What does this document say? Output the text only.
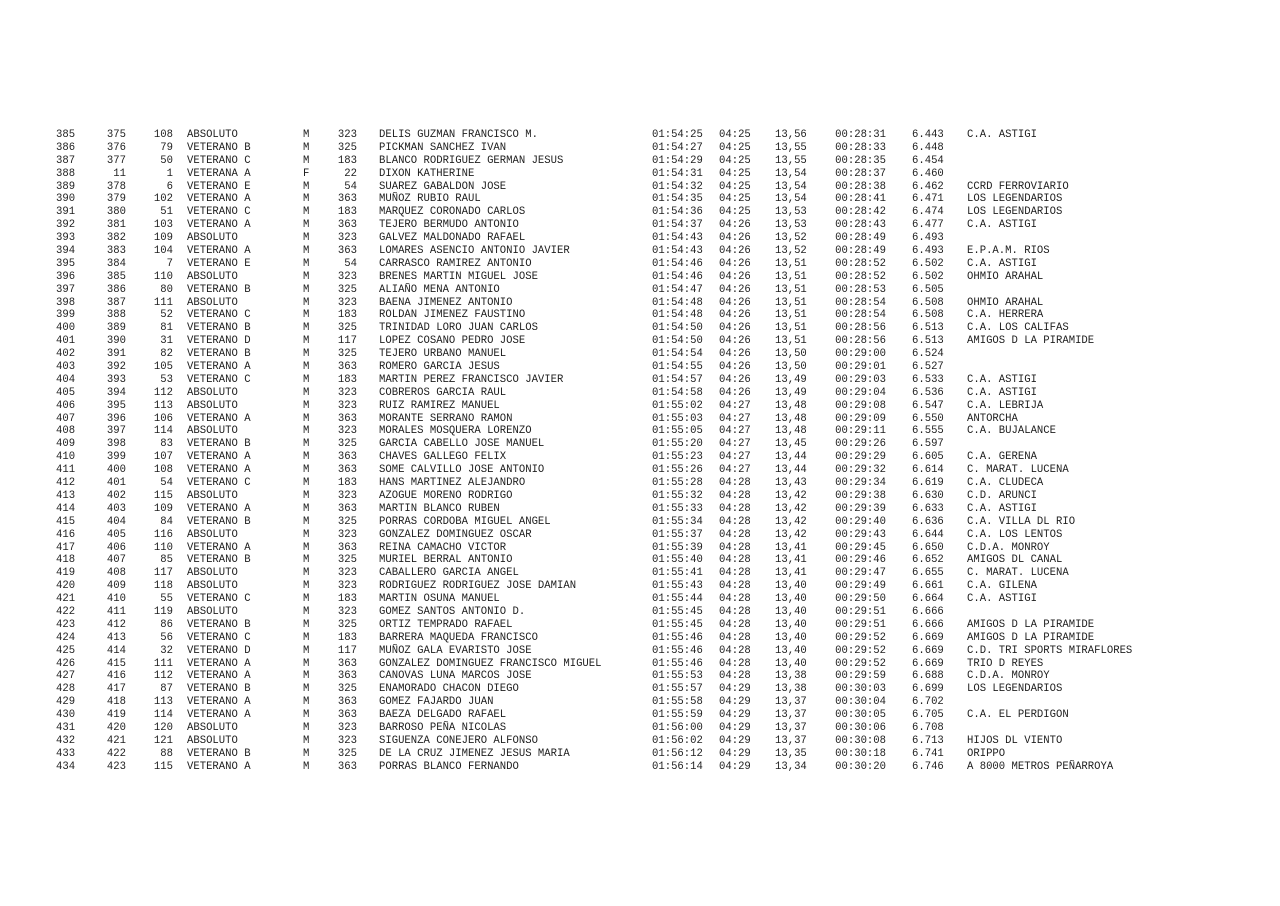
385	375	108 ABSOLUTO	M	323 DELIS GUZMAN FRANCISCO M.	01:54:25 04:25 13,56	00:28:31 6.443 C.A. ASTIGI
386	376	79 VETERANO B	M	325 PICKMAN SANCHEZ IVAN	01:54:27 04:25 13,55	00:28:33 6.448
387	377	50 VETERANO C	M	183 BLANCO RODRIGUEZ GERMAN JESUS	01:54:29 04:25 13,55	00:28:35 6.454
388	11	1 VETERANA A	F	22 DIXON KATHERINE	01:54:31 04:25 13,54	00:28:37 6.460
389	378	6 VETERANO E	M	54 SUAREZ GABALDON JOSE	01:54:32 04:25 13,54	00:28:38 6.462 CCRD FERROVIARIO
390	379	102 VETERANO A	M	363 MUÑOZ RUBIO RAUL	01:54:35 04:25 13,54	00:28:41 6.471 LOS LEGENDARIOS
391	380	51 VETERANO C	M	183 MARQUEZ CORONADO CARLOS	01:54:36 04:25 13,53	00:28:42 6.474 LOS LEGENDARIOS
392	381	103 VETERANO A	M	363 TEJERO BERMUDO ANTONIO	01:54:37 04:26 13,53	00:28:43 6.477 C.A. ASTIGI
393	382	109 ABSOLUTO	M	323 GALVEZ MALDONADO RAFAEL	01:54:43 04:26 13,52	00:28:49 6.493
394	383	104 VETERANO A	M	363 LOMARES ASENCIO ANTONIO JAVIER	01:54:43 04:26 13,52	00:28:49 6.493 E.P.A.M. RIOS
395	384	7 VETERANO E	M	54 CARRASCO RAMIREZ ANTONIO	01:54:46 04:26 13,51	00:28:52 6.502 C.A. ASTIGI
396	385	110 ABSOLUTO	M	323 BRENES MARTIN MIGUEL JOSE	01:54:46 04:26 13,51	00:28:52 6.502 OHMIO ARAHAL
397	386	80 VETERANO B	M	325 ALIAÑO MENA ANTONIO	01:54:47 04:26 13,51	00:28:53 6.505
398	387	111 ABSOLUTO	M	323 BAENA JIMENEZ ANTONIO	01:54:48 04:26 13,51	00:28:54 6.508 OHMIO ARAHAL
399	388	52 VETERANO C	M	183 ROLDAN JIMENEZ FAUSTINO	01:54:48 04:26 13,51	00:28:54 6.508 C.A. HERRERA
400	389	81 VETERANO B	M	325 TRINIDAD LORO JUAN CARLOS	01:54:50 04:26 13,51	00:28:56 6.513 C.A. LOS CALIFAS
401	390	31 VETERANO D	M	117 LOPEZ COSANO PEDRO JOSE	01:54:50 04:26 13,51	00:28:56 6.513 AMIGOS D LA PIRAMIDE
402	391	82 VETERANO B	M	325 TEJERO URBANO MANUEL	01:54:54 04:26 13,50	00:29:00 6.524
403	392	105 VETERANO A	M	363 ROMERO GARCIA JESUS	01:54:55 04:26 13,50	00:29:01 6.527
404	393	53 VETERANO C	M	183 MARTIN PEREZ FRANCISCO JAVIER	01:54:57 04:26 13,49	00:29:03 6.533 C.A. ASTIGI
405	394	112 ABSOLUTO	M	323 COBREROS GARCIA RAUL	01:54:58 04:26 13,49	00:29:04 6.536 C.A. ASTIGI
406	395	113 ABSOLUTO	M	323 RUIZ RAMIREZ MANUEL	01:55:02 04:27 13,48	00:29:08 6.547 C.A. LEBRIJA
407	396	106 VETERANO A	M	363 MORANTE SERRANO RAMON	01:55:03 04:27 13,48	00:29:09 6.550 ANTORCHA
408	397	114 ABSOLUTO	M	323 MORALES MOSQUERA LORENZO	01:55:05 04:27 13,48	00:29:11 6.555 C.A. BUJALANCE
409	398	83 VETERANO B	M	325 GARCIA CABELLO JOSE MANUEL	01:55:20 04:27 13,45	00:29:26 6.597
410	399	107 VETERANO A	M	363 CHAVES GALLEGO FELIX	01:55:23 04:27 13,44	00:29:29 6.605 C.A. GERENA
411	400	108 VETERANO A	M	363 SOME CALVILLO JOSE ANTONIO	01:55:26 04:27 13,44	00:29:32 6.614 C. MARAT. LUCENA
412	401	54 VETERANO C	M	183 HANS MARTINEZ ALEJANDRO	01:55:28 04:28 13,43	00:29:34 6.619 C.A. CLUDECA
413	402	115 ABSOLUTO	M	323 AZOGUE MORENO RODRIGO	01:55:32 04:28 13,42	00:29:38 6.630 C.D. ARUNCI
414	403	109 VETERANO A	M	363 MARTIN BLANCO RUBEN	01:55:33 04:28 13,42	00:29:39 6.633 C.A. ASTIGI
415	404	84 VETERANO B	M	325 PORRAS CORDOBA MIGUEL ANGEL	01:55:34 04:28 13,42	00:29:40 6.636 C.A. VILLA DL RIO
416	405	116 ABSOLUTO	M	323 GONZALEZ DOMINGUEZ OSCAR	01:55:37 04:28 13,42	00:29:43 6.644 C.A. LOS LENTOS
417	406	110 VETERANO A	M	363 REINA CAMACHO VICTOR	01:55:39 04:28 13,41	00:29:45 6.650 C.D.A. MONROY
418	407	85 VETERANO B	M	325 MURIEL BERRAL ANTONIO	01:55:40 04:28 13,41	00:29:46 6.652 AMIGOS DL CANAL
419	408	117 ABSOLUTO	M	323 CABALLERO GARCIA ANGEL	01:55:41 04:28 13,41	00:29:47 6.655 C. MARAT. LUCENA
420	409	118 ABSOLUTO	M	323 RODRIGUEZ RODRIGUEZ JOSE DAMIAN	01:55:43 04:28 13,40	00:29:49 6.661 C.A. GILENA
421	410	55 VETERANO C	M	183 MARTIN OSUNA MANUEL	01:55:44 04:28 13,40	00:29:50 6.664 C.A. ASTIGI
422	411	119 ABSOLUTO	M	323 GOMEZ SANTOS ANTONIO D.	01:55:45 04:28 13,40	00:29:51 6.666
423	412	86 VETERANO B	M	325 ORTIZ TEMPRADO RAFAEL	01:55:45 04:28 13,40	00:29:51 6.666 AMIGOS D LA PIRAMIDE
424	413	56 VETERANO C	M	183 BARRERA MAQUEDA FRANCISCO	01:55:46 04:28 13,40	00:29:52 6.669 AMIGOS D LA PIRAMIDE
425	414	32 VETERANO D	M	117 MUÑOZ GALA EVARISTO JOSE	01:55:46 04:28 13,40	00:29:52 6.669 C.D. TRI SPORTS MIRAFLORES
426	415	111 VETERANO A	M	363 GONZALEZ DOMINGUEZ FRANCISCO MIGUEL	01:55:46 04:28 13,40	00:29:52 6.669 TRIO D REYES
427	416	112 VETERANO A	M	363 CANOVAS LUNA MARCOS JOSE	01:55:53 04:28 13,38	00:29:59 6.688 C.D.A. MONROY
428	417	87 VETERANO B	M	325 ENAMORADO CHACON DIEGO	01:55:57 04:29 13,38	00:30:03 6.699 LOS LEGENDARIOS
429	418	113 VETERANO A	M	363 GOMEZ FAJARDO JUAN	01:55:58 04:29 13,37	00:30:04 6.702
430	419	114 VETERANO A	M	363 BAEZA DELGADO RAFAEL	01:55:59 04:29 13,37	00:30:05 6.705 C.A. EL PERDIGON
431	420	120 ABSOLUTO	M	323 BARROSO PEÑA NICOLAS	01:56:00 04:29 13,37	00:30:06 6.708
432	421	121 ABSOLUTO	M	323 SIGUENZA CONEJERO ALFONSO	01:56:02 04:29 13,37	00:30:08 6.713 HIJOS DL VIENTO
433	422	88 VETERANO B	M	325 DE LA CRUZ JIMENEZ JESUS MARIA	01:56:12 04:29 13,35	00:30:18 6.741 ORIPPO
434	423	115 VETERANO A	M	363 PORRAS BLANCO FERNANDO	01:56:14 04:29 13,34	00:30:20 6.746 A 8000 METROS PEÑARROYA
